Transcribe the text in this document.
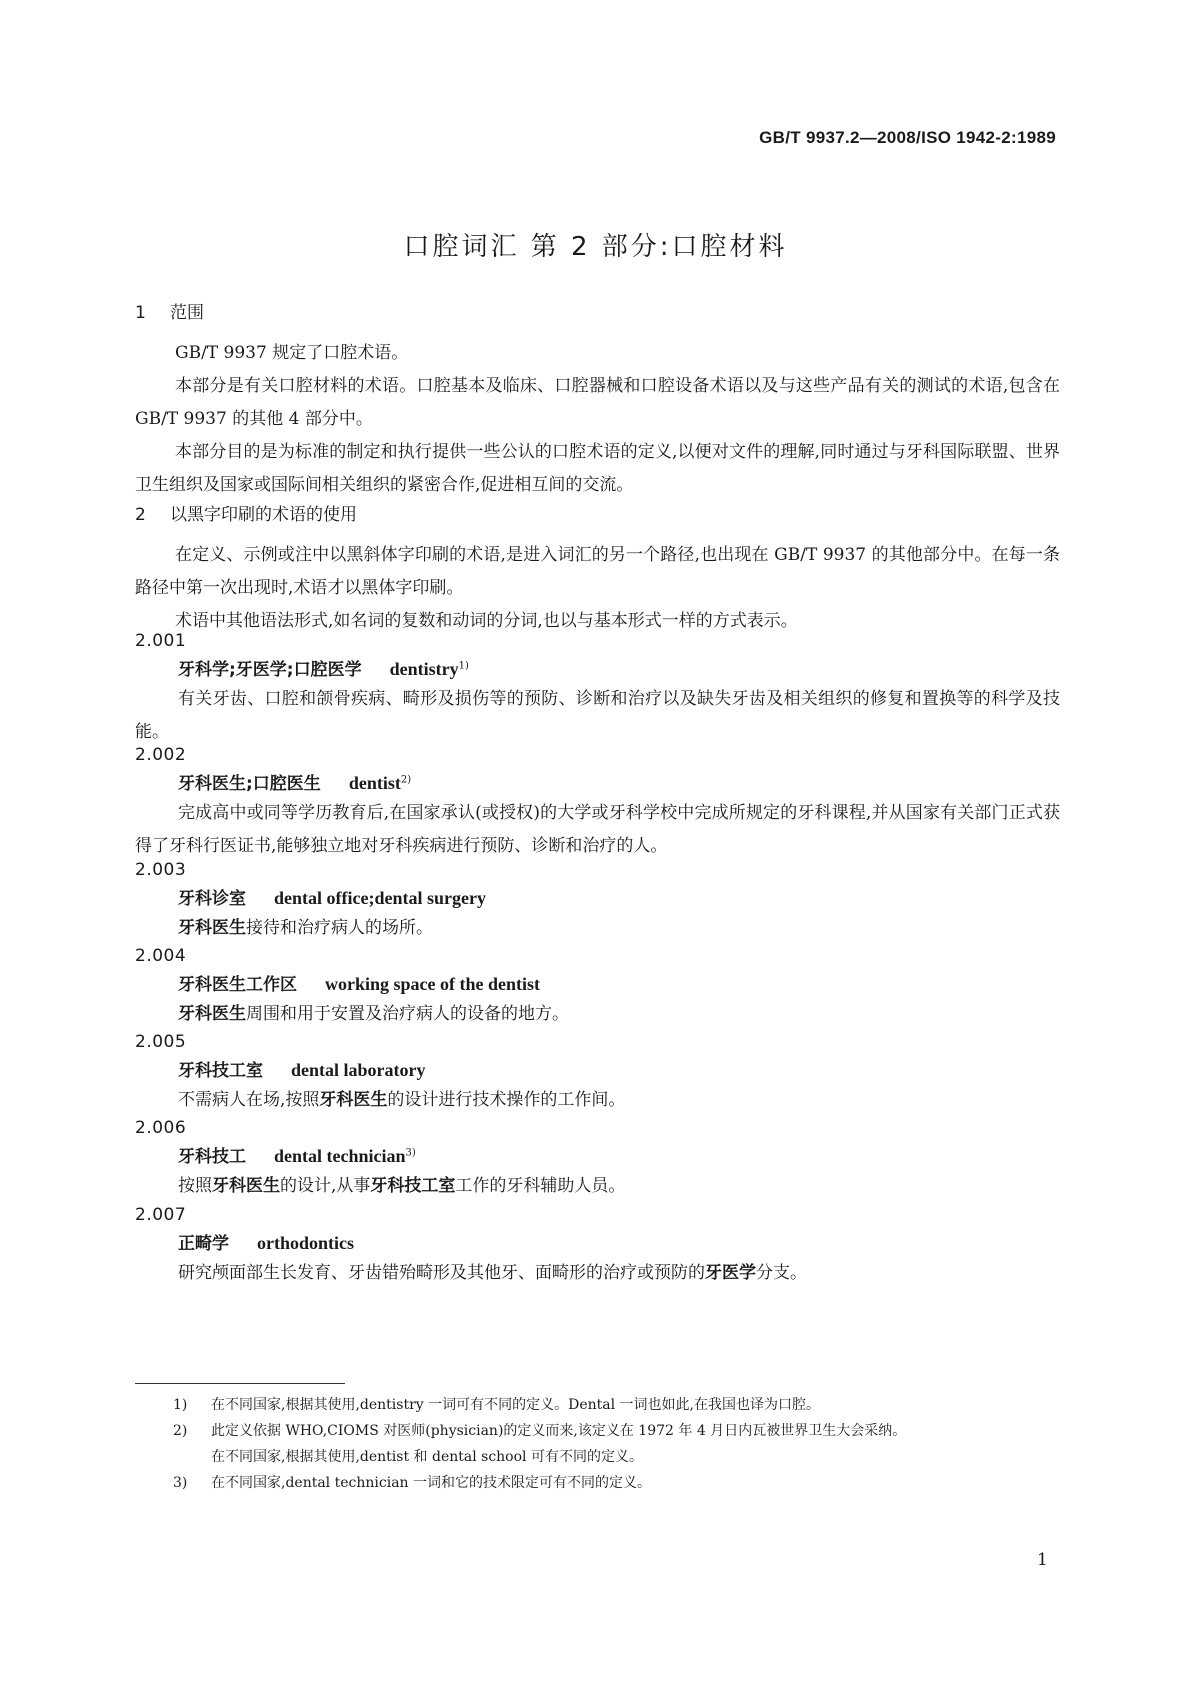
GB/T 9937.2—2008/ISO 1942-2:1989
口腔词汇 第 2 部分:口腔材料
1 范围

GB/T 9937 规定了口腔术语。

本部分是有关口腔材料的术语。口腔基本及临床、口腔器械和口腔设备术语以及与这些产品有关的测试的术语,包含在 GB/T 9937 的其他 4 部分中。

本部分目的是为标准的制定和执行提供一些公认的口腔术语的定义,以便对文件的理解,同时通过与牙科国际联盟、世界卫生组织及国家或国际间相关组织的紧密合作,促进相互间的交流。

2 以黑字印刷的术语的使用

在定义、示例或注中以黑斜体字印刷的术语,是进入词汇的另一个路径,也出现在 GB/T 9937 的其他部分中。在每一条路径中第一次出现时,术语才以黑体字印刷。

术语中其他语法形式,如名词的复数和动词的分词,也以与基本形式一样的方式表示。

2.001
牙科学;牙医学;口腔医学 dentistry$^{1)}$

有关牙齿、口腔和颌骨疾病、畸形及损伤等的预防、诊断和治疗以及缺失牙齿及相关组织的修复和置换等的科学及技能。

2.002
牙科医生;口腔医生 dentist$^{2)}$

完成高中或同等学历教育后,在国家承认(或授权)的大学或牙科学校中完成所规定的牙科课程,并从国家有关部门正式获得了牙科行医证书,能够独立地对牙科疾病进行预防、诊断和治疗的人。

2.003
牙科诊室 dental office;dental surgery

牙科医生接待和治疗病人的场所。

2.004
牙科医生工作区 working space of the dentist

牙科医生周围和用于安置及治疗病人的设备的地方。

2.005
牙科技工室 dental laboratory

不需病人在场,按照牙科医生的设计进行技术操作的工作间。

2.006
牙科技工 dental technician$^{3)}$

按照牙科医生的设计,从事牙科技工室工作的牙科辅助人员。

2.007
正畸学 orthodontics

研究颅面部生长发育、牙齿错殆畸形及其他牙、面畸形的治疗或预防的牙医学分支。

1) 在不同国家,根据其使用,dentistry 一词可有不同的定义。Dental 一词也如此,在我国也译为口腔。
2) 此定义依据 WHO,CIOMS 对医师(physician)的定义而来,该定义在 1972 年 4 月日内瓦被世界卫生大会采纳。
在不同国家,根据其使用,dentist 和 dental school 可有不同的定义。
3) 在不同国家,dental technician 一词和它的技术限定可有不同的定义。
1
